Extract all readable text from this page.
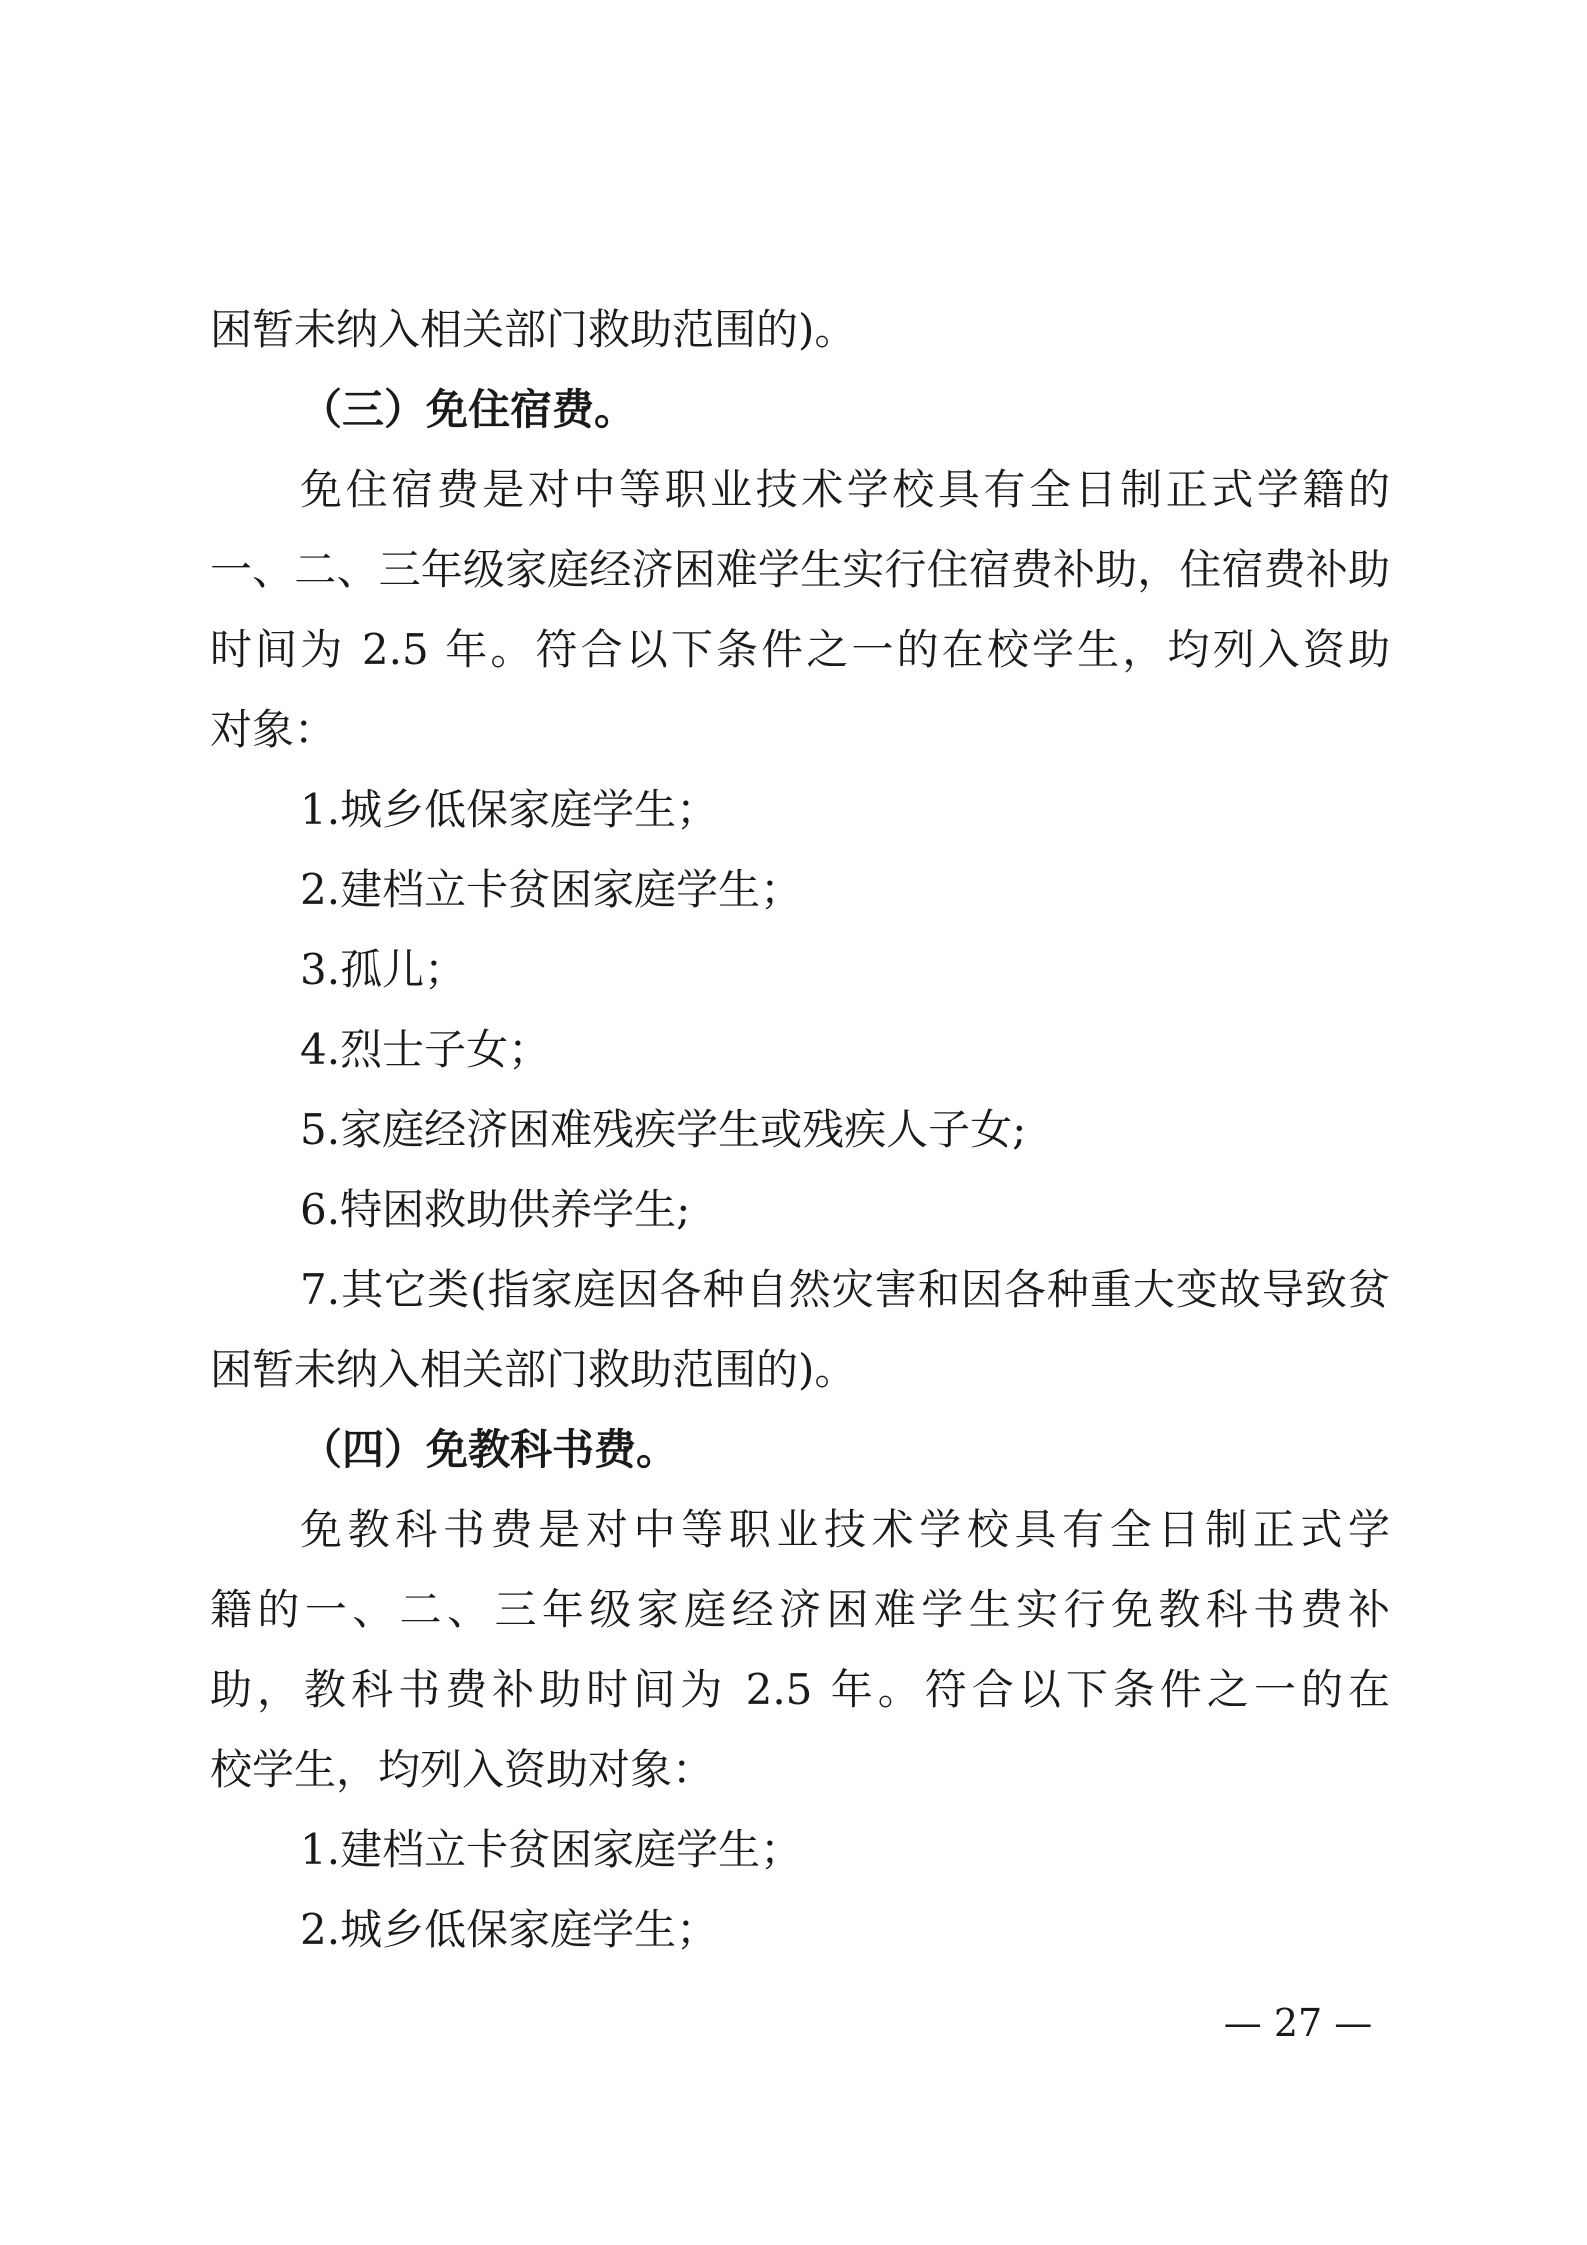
困暂未纳入相关部门救助范围的)。
（三）免住宿费。
免住宿费是对中等职业技术学校具有全日制正式学籍的
一、二、三年级家庭经济困难学生实行住宿费补助，住宿费补助
时间为 2.5 年。符合以下条件之一的在校学生，均列入资助
对象：
1.城乡低保家庭学生；
2.建档立卡贫困家庭学生；
3.孤儿；
4.烈士子女；
5.家庭经济困难残疾学生或残疾人子女;
6.特困救助供养学生;
7.其它类(指家庭因各种自然灾害和因各种重大变故导致贫
困暂未纳入相关部门救助范围的)。
（四）免教科书费。
免教科书费是对中等职业技术学校具有全日制正式学
籍的一、二、三年级家庭经济困难学生实行免教科书费补
助，教科书费补助时间为 2.5 年。符合以下条件之一的在
校学生，均列入资助对象：
1.建档立卡贫困家庭学生；
2.城乡低保家庭学生；
— 27 —
